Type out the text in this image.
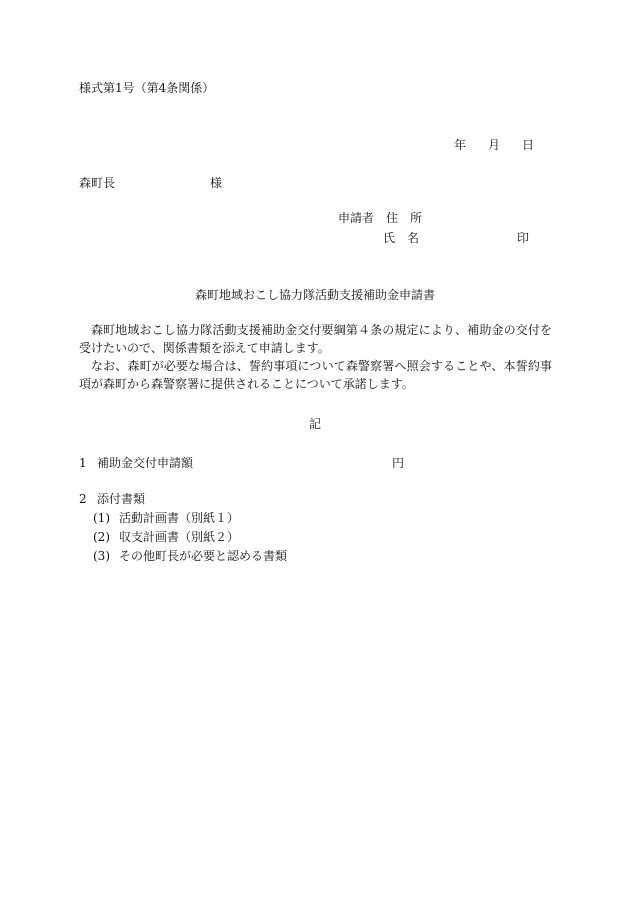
様式第1号（第4条関係）
年 月 日
森町長	様
申請者 住　所
氏　名	印
森町地域おこし協力隊活動支援補助金申請書

森町地域おこし協力隊活動支援補助金交付要綱第４条の規定により、補助金の交付を受けたいので、関係書類を添えて申請します。

なお、森町が必要な場合は、誓約事項について森警察署へ照会することや、本誓約事項が森町から森警察署に提供されることについて承諾します。

記
1 補助金交付申請額	円
2 添付書類
(1) 活動計画書（別紙１）
(2) 収支計画書（別紙２）
(3) その他町長が必要と認める書類
